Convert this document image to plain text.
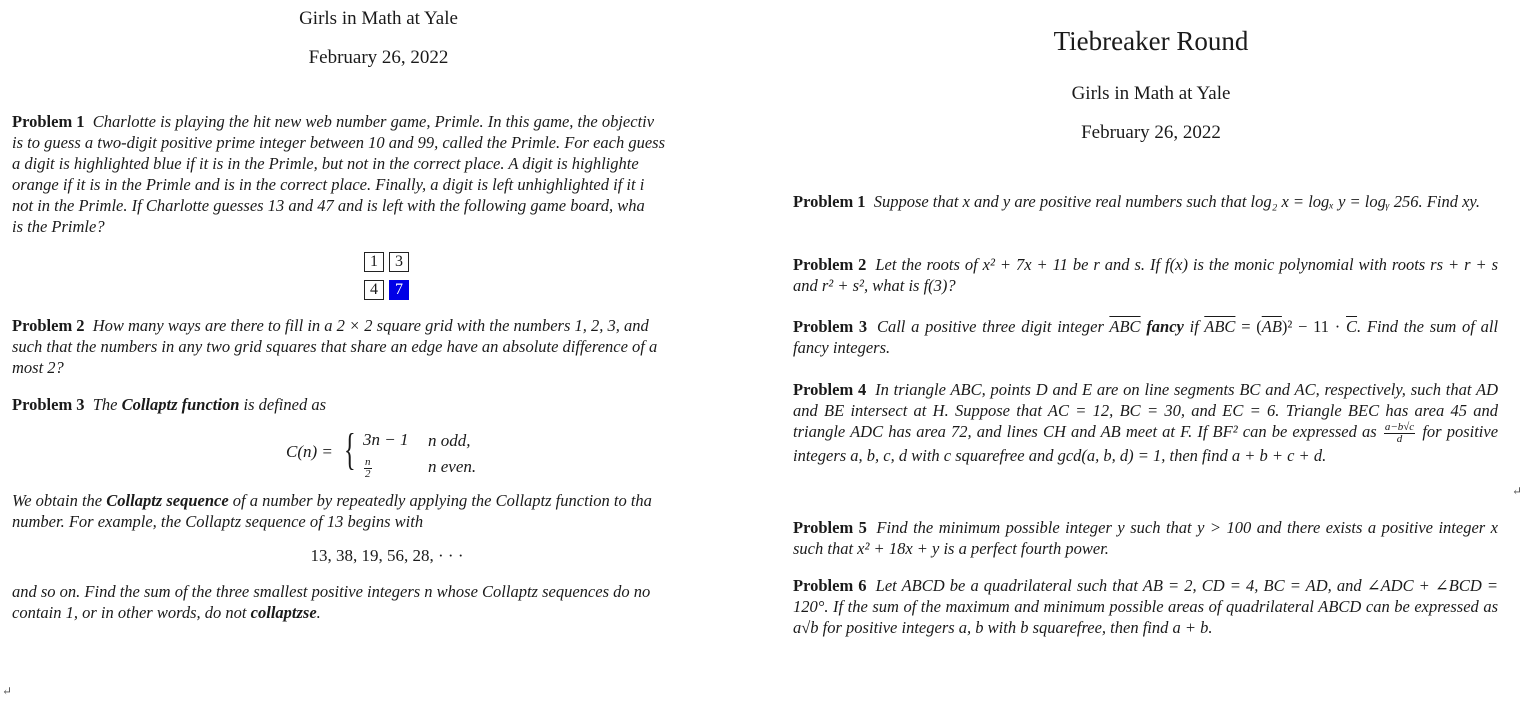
Girls in Math at Yale
February 26, 2022
Problem 1 Charlotte is playing the hit new web number game, Primle. In this game, the objectiv
is to guess a two-digit positive prime integer between 10 and 99, called the Primle. For each guess
a digit is highlighted blue if it is in the Primle, but not in the correct place. A digit is highlighte
orange if it is in the Primle and is in the correct place. Finally, a digit is left unhighlighted if it i
not in the Primle. If Charlotte guesses 13 and 47 and is left with the following game board, wha
is the Primle?
1	3
4	7
Problem 2 How many ways are there to fill in a 2 × 2 square grid with the numbers 1, 2, 3, and
such that the numbers in any two grid squares that share an edge have an absolute difference of a
most 2?
Problem 3 The Collaptz function is defined as
C(n) = { 3n − 1 n odd,
$\frac{n}{2}$	n even.
We obtain the Collaptz sequence of a number by repeatedly applying the Collaptz function to tha
number. For example, the Collaptz sequence of 13 begins with
13, 38, 19, 56, 28, · · ·
and so on. Find the sum of the three smallest positive integers n whose Collaptz sequences do no
contain 1, or in other words, do not collaptzse.
↵
Tiebreaker Round
Girls in Math at Yale
February 26, 2022
Problem 1 Suppose that x and y are positive real numbers such that log₂ x = logₓ y = logᵧ 256. Find xy.
Problem 2 Let the roots of x² + 7x + 11 be r and s. If f(x) is the monic polynomial with roots rs + r + s and r² + s², what is f(3)?
Problem 3 Call a positive three digit integer $\overline{ABC}$ fancy if $\overline{ABC} = (\overline{AB})^2 - 11 \cdot \overline{C}$. Find the sum of all fancy integers.
Problem 4 In triangle ABC, points D and E are on line segments BC and AC, respectively, such that AD and BE intersect at H. Suppose that AC = 12, BC = 30, and EC = 6. Triangle BEC has area 45 and triangle ADC has area 72, and lines CH and AB meet at F. If BF² can be expressed as $\frac{a-b√c}{d}$ for positive integers a, b, c, d with c squarefree and gcd(a, b, d) = 1, then find a + b + c + d.
Problem 5 Find the minimum possible integer y such that y > 100 and there exists a positive integer x such that x² + 18x + y is a perfect fourth power.
Problem 6 Let ABCD be a quadrilateral such that AB = 2, CD = 4, BC = AD, and ∠ADC + ∠BCD = 120°. If the sum of the maximum and minimum possible areas of quadrilateral ABCD can be expressed as a√b for positive integers a, b with b squarefree, then find a + b.
↵
